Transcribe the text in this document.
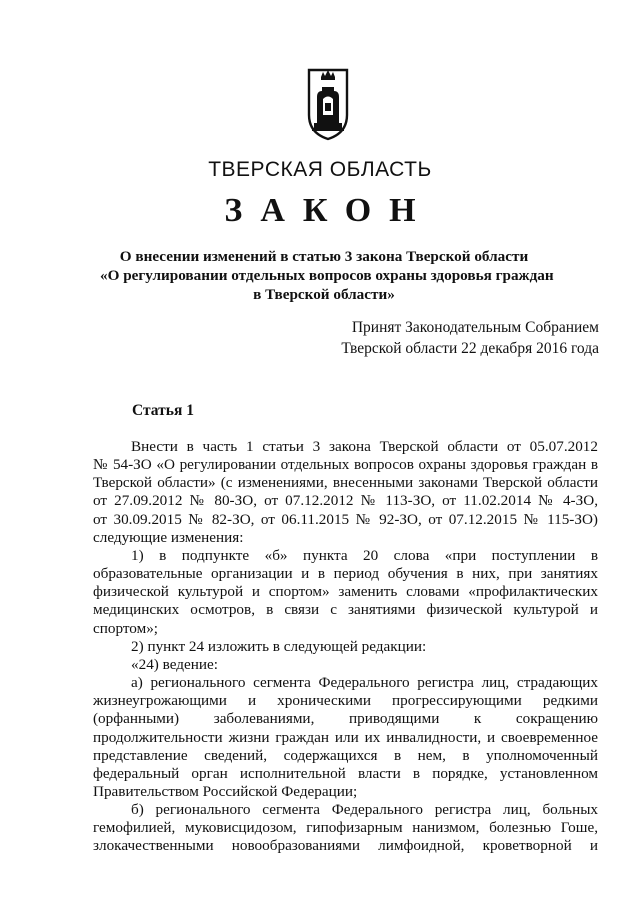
ТВЕРСКАЯ ОБЛАСТЬ
ЗАКОН
О внесении изменений в статью 3 закона Тверской области
«О регулировании отдельных вопросов охраны здоровья граждан
в Тверской области»
Принят Законодательным Собранием
Тверской области 22 декабря 2016 года
Статья 1
Внести в часть 1 статьи 3 закона Тверской области от 05.07.2012
№ 54-ЗО «О регулировании отдельных вопросов охраны здоровья граждан в
Тверской области» (с изменениями, внесенными законами Тверской области
от 27.09.2012 № 80-ЗО, от 07.12.2012 № 113-ЗО, от 11.02.2014 № 4-ЗО,
от 30.09.2015 № 82-ЗО, от 06.11.2015 № 92-ЗО, от 07.12.2015 № 115-ЗО)
следующие изменения:
1) в подпункте «б» пункта 20 слова «при поступлении в
образовательные организации и в период обучения в них, при занятиях
физической культурой и спортом» заменить словами «профилактических
медицинских осмотров, в связи с занятиями физической культурой и
спортом»;
2) пункт 24 изложить в следующей редакции:
«24) ведение:
а) регионального сегмента Федерального регистра лиц, страдающих
жизнеугрожающими и хроническими прогрессирующими редкими
(орфанными) заболеваниями, приводящими к сокращению
продолжительности жизни граждан или их инвалидности, и своевременное
представление сведений, содержащихся в нем, в уполномоченный
федеральный орган исполнительной власти в порядке, установленном
Правительством Российской Федерации;
б) регионального сегмента Федерального регистра лиц, больных
гемофилией, муковисцидозом, гипофизарным нанизмом, болезнью Гоше,
злокачественными новообразованиями лимфоидной, кроветворной и
